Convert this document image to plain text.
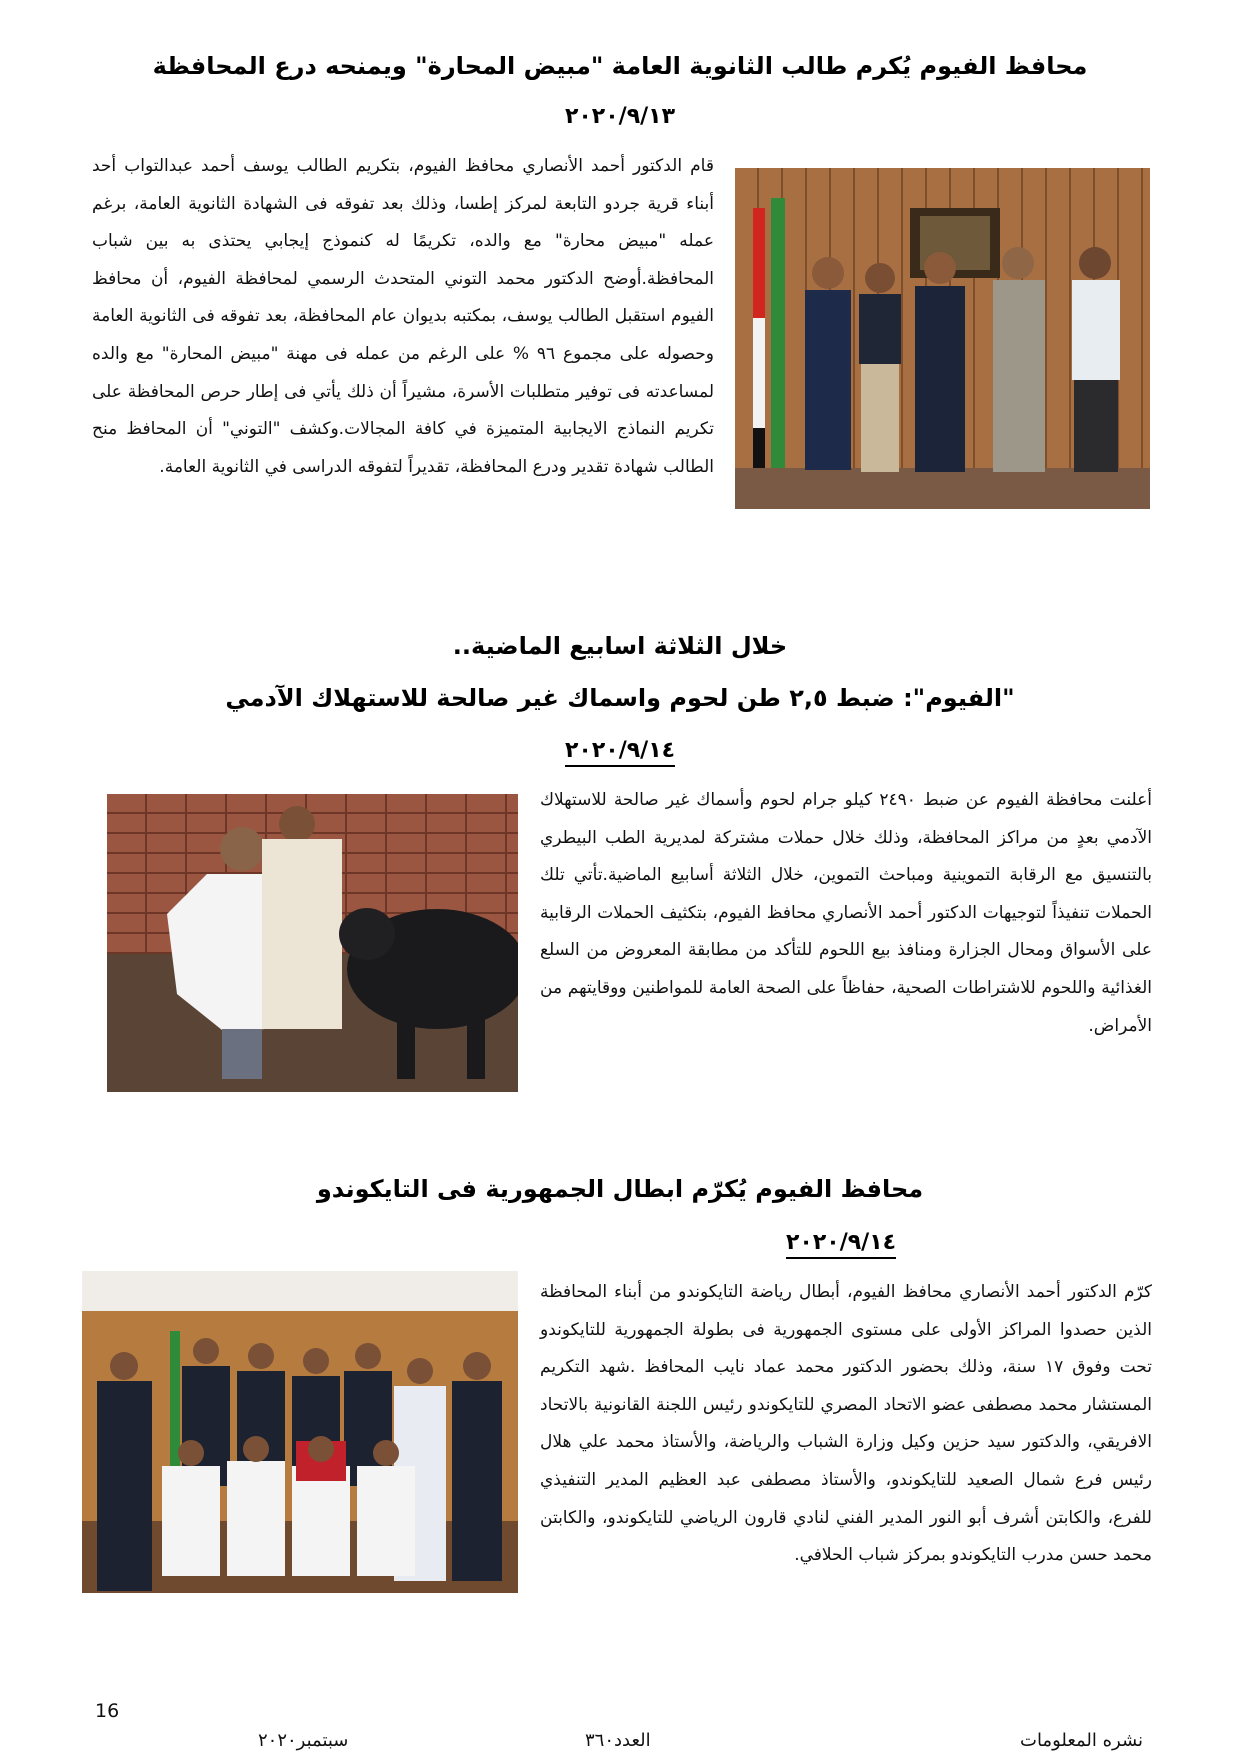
محافظ الفيوم يُكرم طالب الثانوية العامة "مبيض المحارة" ويمنحه درع المحافظة
٢٠٢٠/٩/١٣
قام الدكتور أحمد الأنصاري محافظ الفيوم، بتكريم الطالب يوسف أحمد عبدالتواب أحد أبناء قرية جردو التابعة لمركز إطسا، وذلك بعد تفوقه فى الشهادة الثانوية العامة، برغم عمله "مبيض محارة" مع والده، تكريمًا له كنموذج إيجابي يحتذى به بين شباب المحافظة.أوضح الدكتور محمد التوني المتحدث الرسمي لمحافظة الفيوم، أن محافظ الفيوم استقبل الطالب يوسف، بمكتبه بديوان عام المحافظة، بعد تفوقه فى الثانوية العامة وحصوله على مجموع ٩٦ % على الرغم من عمله فى مهنة "مبيض المحارة" مع والده لمساعدته فى توفير متطلبات الأسرة، مشيراً أن ذلك يأتي فى إطار حرص المحافظة على تكريم النماذج الايجابية المتميزة في كافة المجالات.وكشف "التوني" أن المحافظ منح الطالب شهادة تقدير ودرع المحافظة، تقديراً لتفوقه الدراسى في الثانوية العامة.
خلال الثلاثة اسابيع الماضية..
"الفيوم": ضبط ٢,٥ طن لحوم واسماك غير صالحة للاستهلاك الآدمي
٢٠٢٠/٩/١٤
أعلنت محافظة الفيوم عن ضبط ٢٤٩٠ كيلو جرام لحوم وأسماك غير صالحة للاستهلاك الآدمي بعدٍ من مراكز المحافظة، وذلك خلال حملات مشتركة لمديرية الطب البيطري بالتنسيق مع الرقابة التموينية ومباحث التموين، خلال الثلاثة أسابيع الماضية.تأتي تلك الحملات تنفيذاً لتوجيهات الدكتور أحمد الأنصاري محافظ الفيوم، بتكثيف الحملات الرقابية على الأسواق ومحال الجزارة ومنافذ بيع اللحوم للتأكد من مطابقة المعروض من السلع الغذائية واللحوم للاشتراطات الصحية، حفاظاً على الصحة العامة للمواطنين ووقايتهم من الأمراض.
محافظ الفيوم يُكرّم ابطال الجمهورية فى التايكوندو
٢٠٢٠/٩/١٤
كرّم الدكتور أحمد الأنصاري محافظ الفيوم، أبطال رياضة التايكوندو من أبناء المحافظة الذين حصدوا المراكز الأولى على مستوى الجمهورية فى بطولة الجمهورية للتايكوندو تحت وفوق ١٧ سنة، وذلك بحضور الدكتور محمد عماد نايب المحافظ .شهد التكريم المستشار محمد مصطفى عضو الاتحاد المصري للتايكوندو رئيس اللجنة القانونية بالاتحاد الافريقي، والدكتور سيد حزين وكيل وزارة الشباب والرياضة، والأستاذ محمد علي هلال رئيس فرع شمال الصعيد للتايكوندو، والأستاذ مصطفى عبد العظيم المدير التنفيذي للفرع، والكابتن أشرف أبو النور المدير الفني لنادي قارون الرياضي للتايكوندو، والكابتن محمد حسن مدرب التايكوندو بمركز شباب الحلافي.
16
نشره المعلومات
العدد٣٦٠
سبتمبر٢٠٢٠
